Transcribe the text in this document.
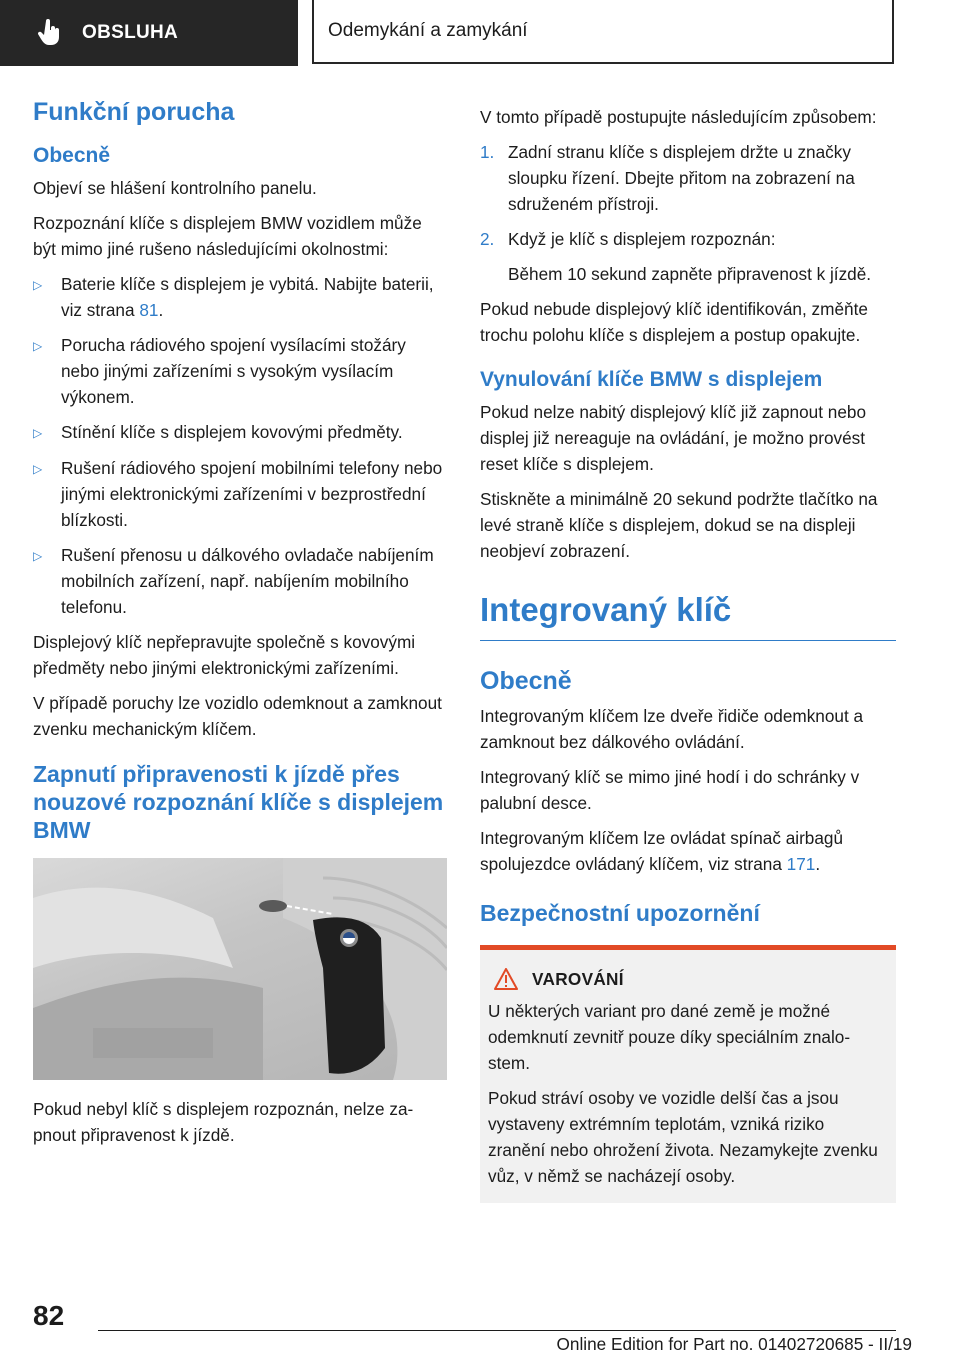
OBSLUHA	Odemykání a zamykání
Funkční porucha
Obecně

Objeví se hlášení kontrolního panelu.

Rozpoznání klíče s displejem BMW vozidlem může být mimo jiné rušeno následujícími okolnostmi:

▷	Baterie klíče s displejem je vybitá. Nabijte baterii, viz strana 81.
▷	Porucha rádiového spojení vysílacími stožáry nebo jinými zařízeními s vysokým vysílacím výkonem.
▷	Stínění klíče s displejem kovovými předměty.
▷	Rušení rádiového spojení mobilními telefony nebo jinými elektronickými zařízeními v bezprostřední blízkosti.
▷	Rušení přenosu u dálkového ovladače nabíjením mobilních zařízení, např. nabíjením mobilního telefonu.

Displejový klíč nepřepravujte společně s kovovými předměty nebo jinými elektronickými zařízeními.

V případě poruchy lze vozidlo odemknout a zamknout zvenku mechanickým klíčem.

Zapnutí připravenosti k jízdě přes nouzové rozpoznání klíče s displejem BMW

Pokud nebyl klíč s displejem rozpoznán, nelze zapnout připravenost k jízdě.

V tomto případě postupujte následujícím způsobem:

1. Zadní stranu klíče s displejem držte u značky sloupku řízení. Dbejte přitom na zobrazení na sdruženém přístroji.
2. Když je klíč s displejem rozpoznán:

Během 10 sekund zapněte připravenost k jízdě.

Pokud nebude displejový klíč identifikován, změňte trochu polohu klíče s displejem a postup opakujte.

Vynulování klíče BMW s displejem

Pokud nelze nabitý displejový klíč již zapnout nebo displej již nereaguje na ovládání, je možno provést reset klíče s displejem.

Stiskněte a minimálně 20 sekund podržte tlačítko na levé straně klíče s displejem, dokud se na displeji neobjeví zobrazení.

Integrovaný klíč
Obecně

Integrovaným klíčem lze dveře řidiče odemknout a zamknout bez dálkového ovládání.

Integrovaný klíč se mimo jiné hodí i do schránky v palubní desce.

Integrovaným klíčem lze ovládat spínač airbagů spolujezdce ovládaný klíčem, viz strana 171.

Bezpečnostní upozornění
VAROVÁNÍ

U některých variant pro dané země je možné odemknutí zevnitř pouze díky speciálním znalostem.

Pokud stráví osoby ve vozidle delší čas a jsou vystaveny extrémním teplotám, vzniká riziko zranění nebo ohrožení života. Nezamykejte zvenku vůz, v němž se nacházejí osoby.

82
Online Edition for Part no. 01402720685 - II/19
